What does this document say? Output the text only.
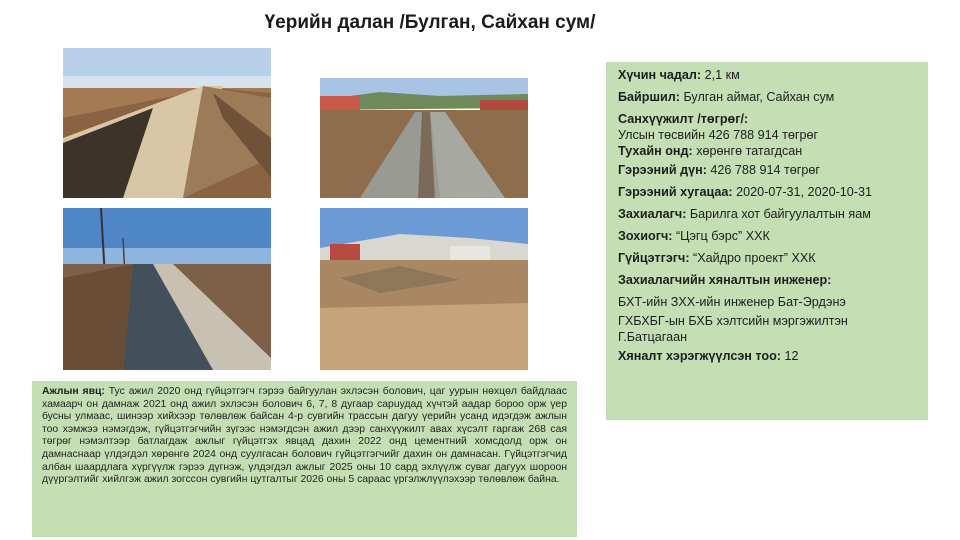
Үерийн далан /Булган, Сайхан сум/
Хүчин чадал: 2,1 км
Байршил: Булган аймаг, Сайхан сум
Санхүүжилт /төгрөг/:
Улсын төсвийн 426 788 914 төгрөг
Тухайн онд: хөрөнгө татагдсан
Гэрээний дүн: 426 788 914 төгрөг
Гэрээний хугацаа: 2020-07-31, 2020-10-31
Захиалагч: Барилга хот байгуулалтын яам
Зохиогч: “Цэгц бэрс” ХХК
Гүйцэтгэгч: “Хайдро проект” ХХК
Захиалагчийн хяналтын инженер:
БХТ-ийн ЗХХ-ийн инженер Бат-Эрдэнэ
ГХБХБГ-ын БХБ хэлтсийн мэргэжилтэн Г.Батцагаан
Хяналт хэрэгжүүлсэн тоо: 12
Ажлын явц: Тус ажил 2020 онд гүйцэтгэгч гэрээ байгуулан эхлэсэн болович, цаг уурын нөхцөл байдлаас хамаарч он дамнаж 2021 онд ажил эхлэсэн болович 6, 7, 8 дугаар сарuудад хүчтэй аадар бороо орж үер бусны улмаас, шинээр хийхээр төлөвлөж байсан 4-р сувгийн трассын дагуу үерийн усанд идэгдэж ажлын тоо хэмжээ нэмэгдэж, гүйцэтгэгчийн зүгээс нэмэгдсэн ажил дээр санхүүжилт авах хүсэлт гаргаж 268 сая төгрөг нэмэлтээр батлагдаж ажлыг гүйцэтгэх явцад дахин 2022 онд цементний хомсдолд орж он дамнаснаар үлдэгдэл хөрөнгө 2024 онд суулгасан болович гүйцэтгэгчийг дахин он дамнасан. Гүйцэтгэгчид албан шаардлага хүргүүлж гэрээ дүгнэж, үлдэгдэл ажлыг 2025 оны 10 сард эхлүүлж суваг дагуух шороон дүүргэлтийг хийлгэж ажил зогссон сувгийн цутгалтыг 2026 оны 5 сараас үргэлжлүүлэхээр төлөвлөж байна.
